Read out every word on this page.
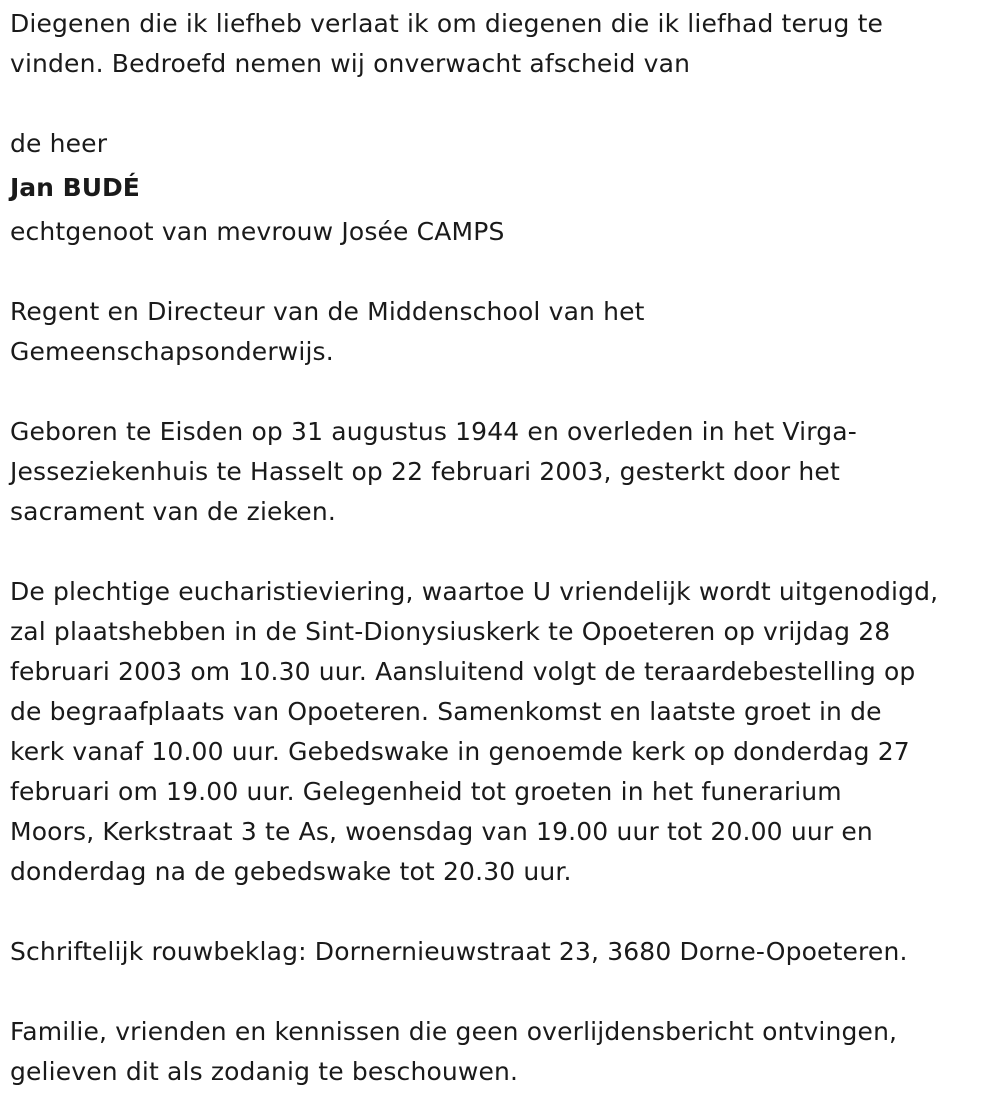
Diegenen die ik liefheb verlaat ik om diegenen die ik liefhad terug te

vinden. Bedroefd nemen wij onverwacht afscheid van

de heer

Jan BUDÉ

echtgenoot van mevrouw Josée CAMPS

Regent en Directeur van de Middenschool van het

Gemeenschapsonderwijs.

Geboren te Eisden op 31 augustus 1944 en overleden in het Virga-

Jesseziekenhuis te Hasselt op 22 februari 2003, gesterkt door het

sacrament van de zieken.

De plechtige eucharistieviering, waartoe U vriendelijk wordt uitgenodigd,

zal plaatshebben in de Sint-Dionysiuskerk te Opoeteren op vrijdag 28

februari 2003 om 10.30 uur. Aansluitend volgt de teraardebestelling op

de begraafplaats van Opoeteren. Samenkomst en laatste groet in de

kerk vanaf 10.00 uur. Gebedswake in genoemde kerk op donderdag 27

februari om 19.00 uur. Gelegenheid tot groeten in het funerarium

Moors, Kerkstraat 3 te As, woensdag van 19.00 uur tot 20.00 uur en

donderdag na de gebedswake tot 20.30 uur.

Schriftelijk rouwbeklag: Dornernieuwstraat 23, 3680 Dorne-Opoeteren.

Familie, vrienden en kennissen die geen overlijdensbericht ontvingen,

gelieven dit als zodanig te beschouwen.
